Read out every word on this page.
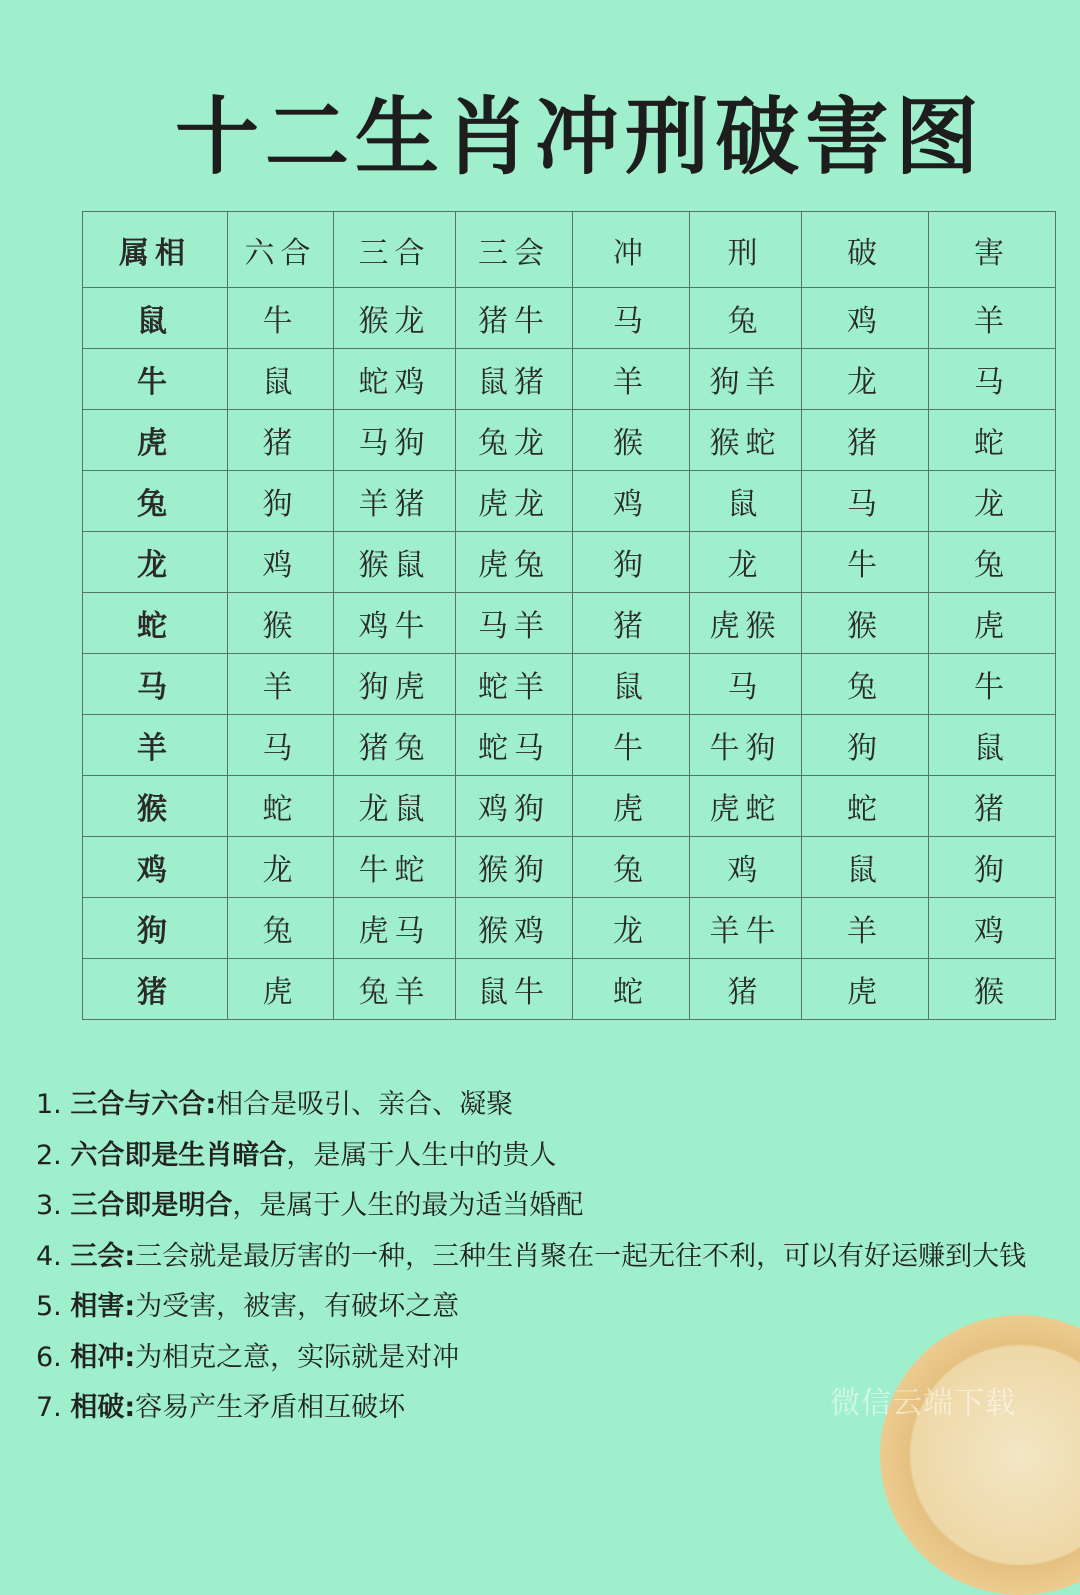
十二生肖冲刑破害图
属相	六合	三合	三会	冲	刑	破	害
鼠	牛	猴龙	猪牛	马	兔	鸡	羊
牛	鼠	蛇鸡	鼠猪	羊	狗羊	龙	马
虎	猪	马狗	兔龙	猴	猴蛇	猪	蛇
兔	狗	羊猪	虎龙	鸡	鼠	马	龙
龙	鸡	猴鼠	虎兔	狗	龙	牛	兔
蛇	猴	鸡牛	马羊	猪	虎猴	猴	虎
马	羊	狗虎	蛇羊	鼠	马	兔	牛
羊	马	猪兔	蛇马	牛	牛狗	狗	鼠
猴	蛇	龙鼠	鸡狗	虎	虎蛇	蛇	猪
鸡	龙	牛蛇	猴狗	兔	鸡	鼠	狗
狗	兔	虎马	猴鸡	龙	羊牛	羊	鸡
猪	虎	兔羊	鼠牛	蛇	猪	虎	猴
1. 三合与六合:相合是吸引、亲合、凝聚
2. 六合即是生肖暗合，是属于人生中的贵人
3. 三合即是明合，是属于人生的最为适当婚配
4. 三会:三会就是最厉害的一种，三种生肖聚在一起无往不利，可以有好运赚到大钱
5. 相害:为受害，被害，有破坏之意
6. 相冲:为相克之意，实际就是对冲
7. 相破:容易产生矛盾相互破坏	微信云端下载
